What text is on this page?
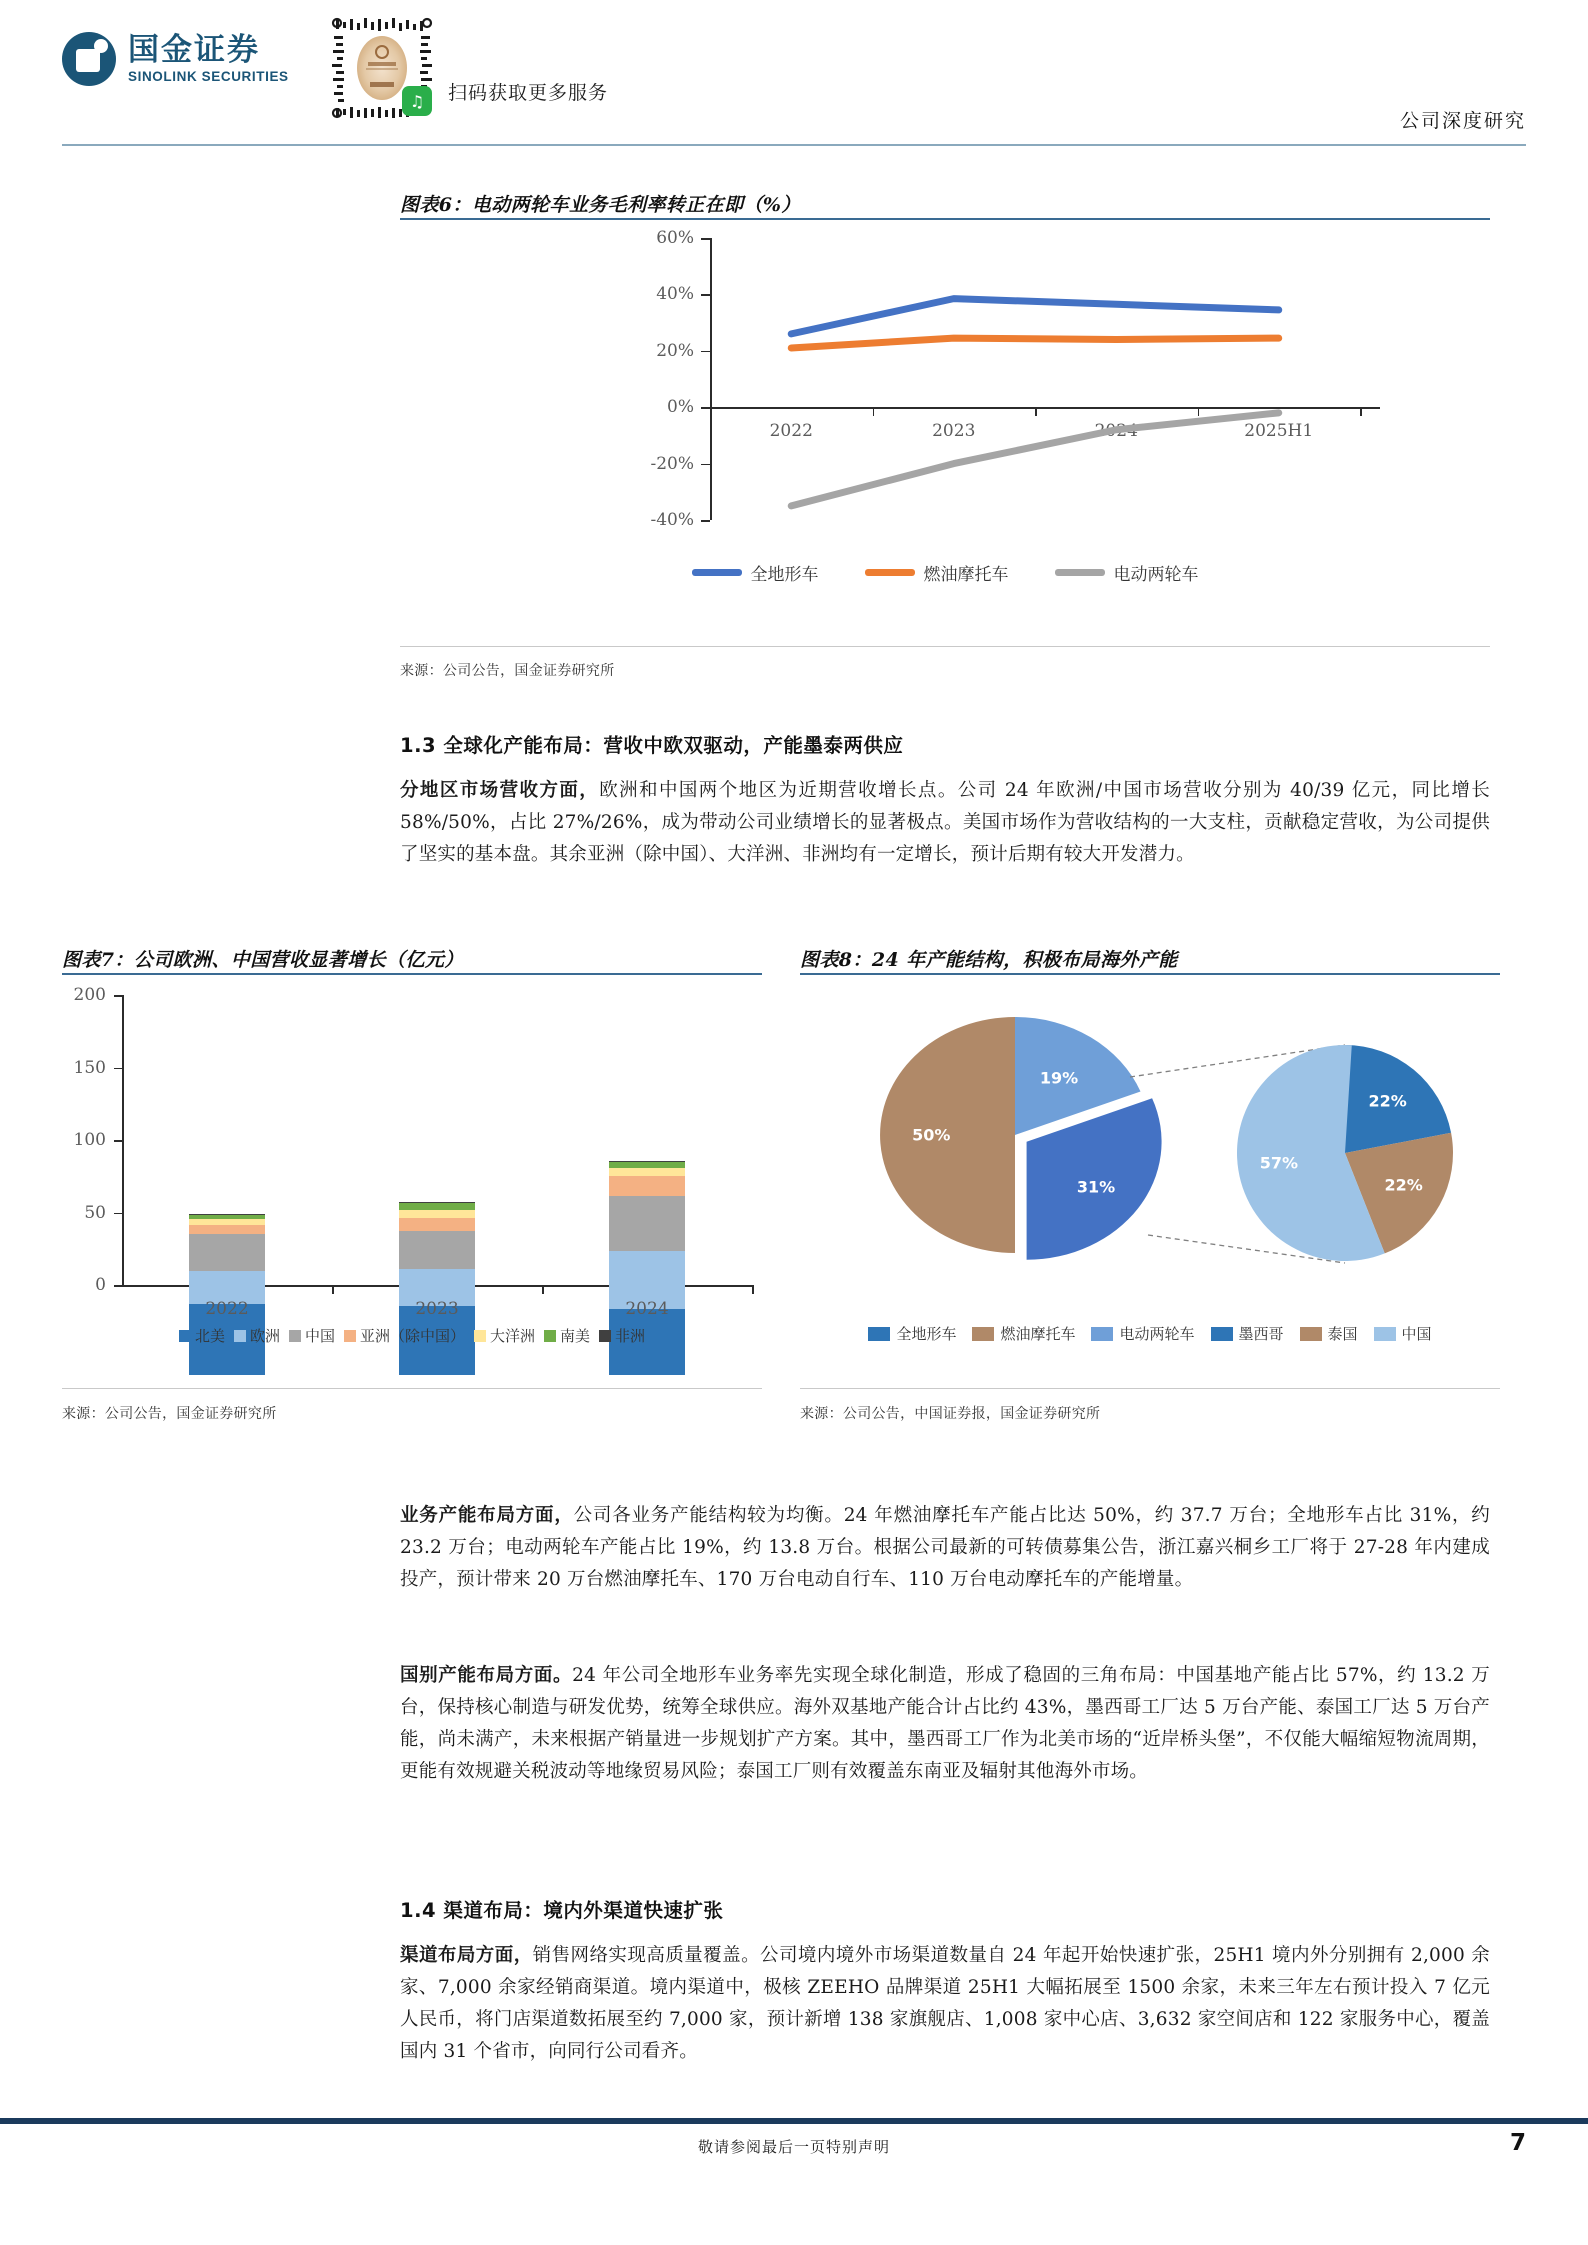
国金证券
SINOLINK SECURITIES
♫	扫码获取更多服务
公司深度研究
图表6：电动两轮车业务毛利率转正在即（%）
-40%
-20%
0%
20%
40%
60%
2022	2023	2024	2025H1
全地形车	燃油摩托车	电动两轮车
来源：公司公告，国金证券研究所
图表7：公司欧洲、中国营收显著增长（亿元）
0
50
100
150
200
2022	2023	2024
北美 欧洲 中国 亚洲（除中国） 大洋洲 南美 非洲
来源：公司公告，国金证券研究所
图表8：24 年产能结构，积极布局海外产能
19%
31%
50%
22%
22%
57%
全地形车	燃油摩托车	电动两轮车	墨西哥	泰国	中国
来源：公司公告，中国证券报，国金证券研究所
1.3 全球化产能布局：营收中欧双驱动，产能墨泰两供应
分地区市场营收方面，欧洲和中国两个地区为近期营收增长点。公司 24 年欧洲/中国市场营收分别为 40/39 亿元，同比增长 58%/50%，占比 27%/26%，成为带动公司业绩增长的显著极点。美国市场作为营收结构的一大支柱，贡献稳定营收，为公司提供了坚实的基本盘。其余亚洲（除中国）、大洋洲、非洲均有一定增长，预计后期有较大开发潜力。
业务产能布局方面，公司各业务产能结构较为均衡。24 年燃油摩托车产能占比达 50%，约 37.7 万台；全地形车占比 31%，约 23.2 万台；电动两轮车产能占比 19%，约 13.8 万台。根据公司最新的可转债募集公告，浙江嘉兴桐乡工厂将于 27-28 年内建成投产，预计带来 20 万台燃油摩托车、170 万台电动自行车、110 万台电动摩托车的产能增量。
国别产能布局方面。24 年公司全地形车业务率先实现全球化制造，形成了稳固的三角布局：中国基地产能占比 57%，约 13.2 万台，保持核心制造与研发优势，统筹全球供应。海外双基地产能合计占比约 43%，墨西哥工厂达 5 万台产能、泰国工厂达 5 万台产能，尚未满产，未来根据产销量进一步规划扩产方案。其中，墨西哥工厂作为北美市场的“近岸桥头堡”，不仅能大幅缩短物流周期，更能有效规避关税波动等地缘贸易风险；泰国工厂则有效覆盖东南亚及辐射其他海外市场。
1.4 渠道布局：境内外渠道快速扩张
渠道布局方面，销售网络实现高质量覆盖。公司境内境外市场渠道数量自 24 年起开始快速扩张，25H1 境内外分别拥有 2,000 余家、7,000 余家经销商渠道。境内渠道中，极核 ZEEHO 品牌渠道 25H1 大幅拓展至 1500 余家，未来三年左右预计投入 7 亿元人民币，将门店渠道数拓展至约 7,000 家，预计新增 138 家旗舰店、1,008 家中心店、3,632 家空间店和 122 家服务中心，覆盖国内 31 个省市，向同行公司看齐。
敬请参阅最后一页特别声明	7
